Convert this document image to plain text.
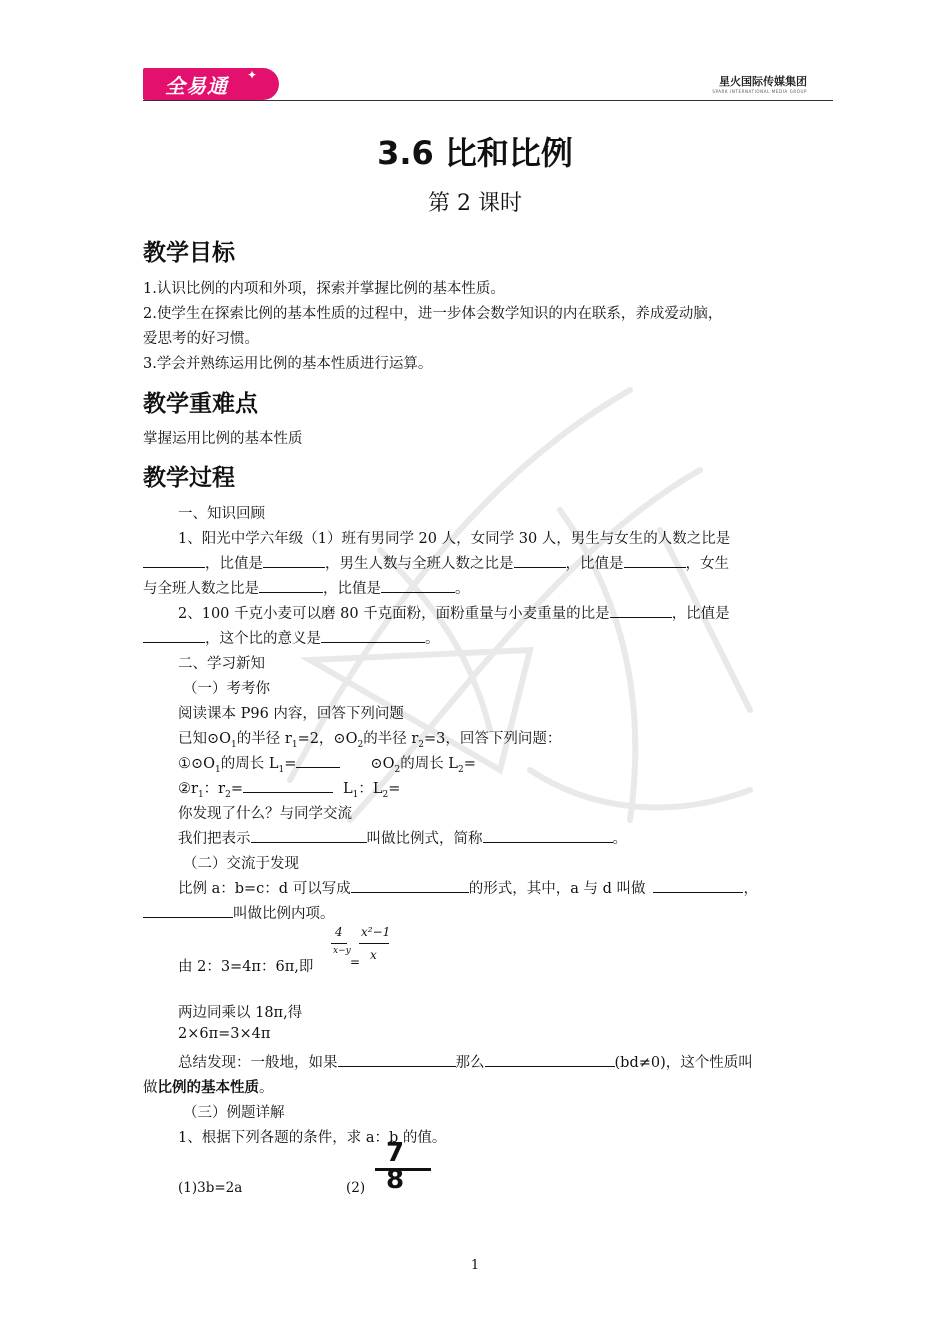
全易通 ✦	星火国际传媒集团
SPARK INTERNATIONAL MEDIA GROUP
3.6 比和比例
第 2 课时
教学目标
1.认识比例的内项和外项，探索并掌握比例的基本性质。
2.使学生在探索比例的基本性质的过程中，进一步体会数学知识的内在联系，养成爱动脑，
爱思考的好习惯。
3.学会并熟练运用比例的基本性质进行运算。
教学重难点
掌握运用比例的基本性质
教学过程
一、知识回顾
1、阳光中学六年级（1）班有男同学 20 人，女同学 30 人，男生与女生的人数之比是
，比值是	，男生人数与全班人数之比是	，比值是	，女生
与全班人数之比是	，比值是	。
2、100 千克小麦可以磨 80 千克面粉，面粉重量与小麦重量的比是	，比值是
，这个比的意义是	。
二、学习新知
（一）考考你
阅读课本 P96 内容，回答下列问题
已知$⊙O_1$的半径 $r_1=2$，$⊙O_2$的半径 $r_2=3$，回答下列问题：
$①⊙O_1$的周长 $L_1=$	$⊙O_2$的周长 $L_2=$
$②r_1$：$r_2=$	$L_1$：$L_2=$
你发现了什么？与同学交流
我们把表示	叫做比例式，简称	。
（二）交流于发现
比例 a：b=c：d 可以写成	的形式，其中，a 与 d 叫做	，
叫做比例内项。
4
x−y
x²−1
x
由 2：3=4π：6π,即	=
两边同乘以 18π,得
2×6π=3×4π
总结发现：一般地，如果	那么	(bd≠0)，这个性质叫
做比例的基本性质。
（三）例题详解
1、根据下列各题的条件，求 a：b 的值。
(1)3b=2a	(2)
7
8
1
